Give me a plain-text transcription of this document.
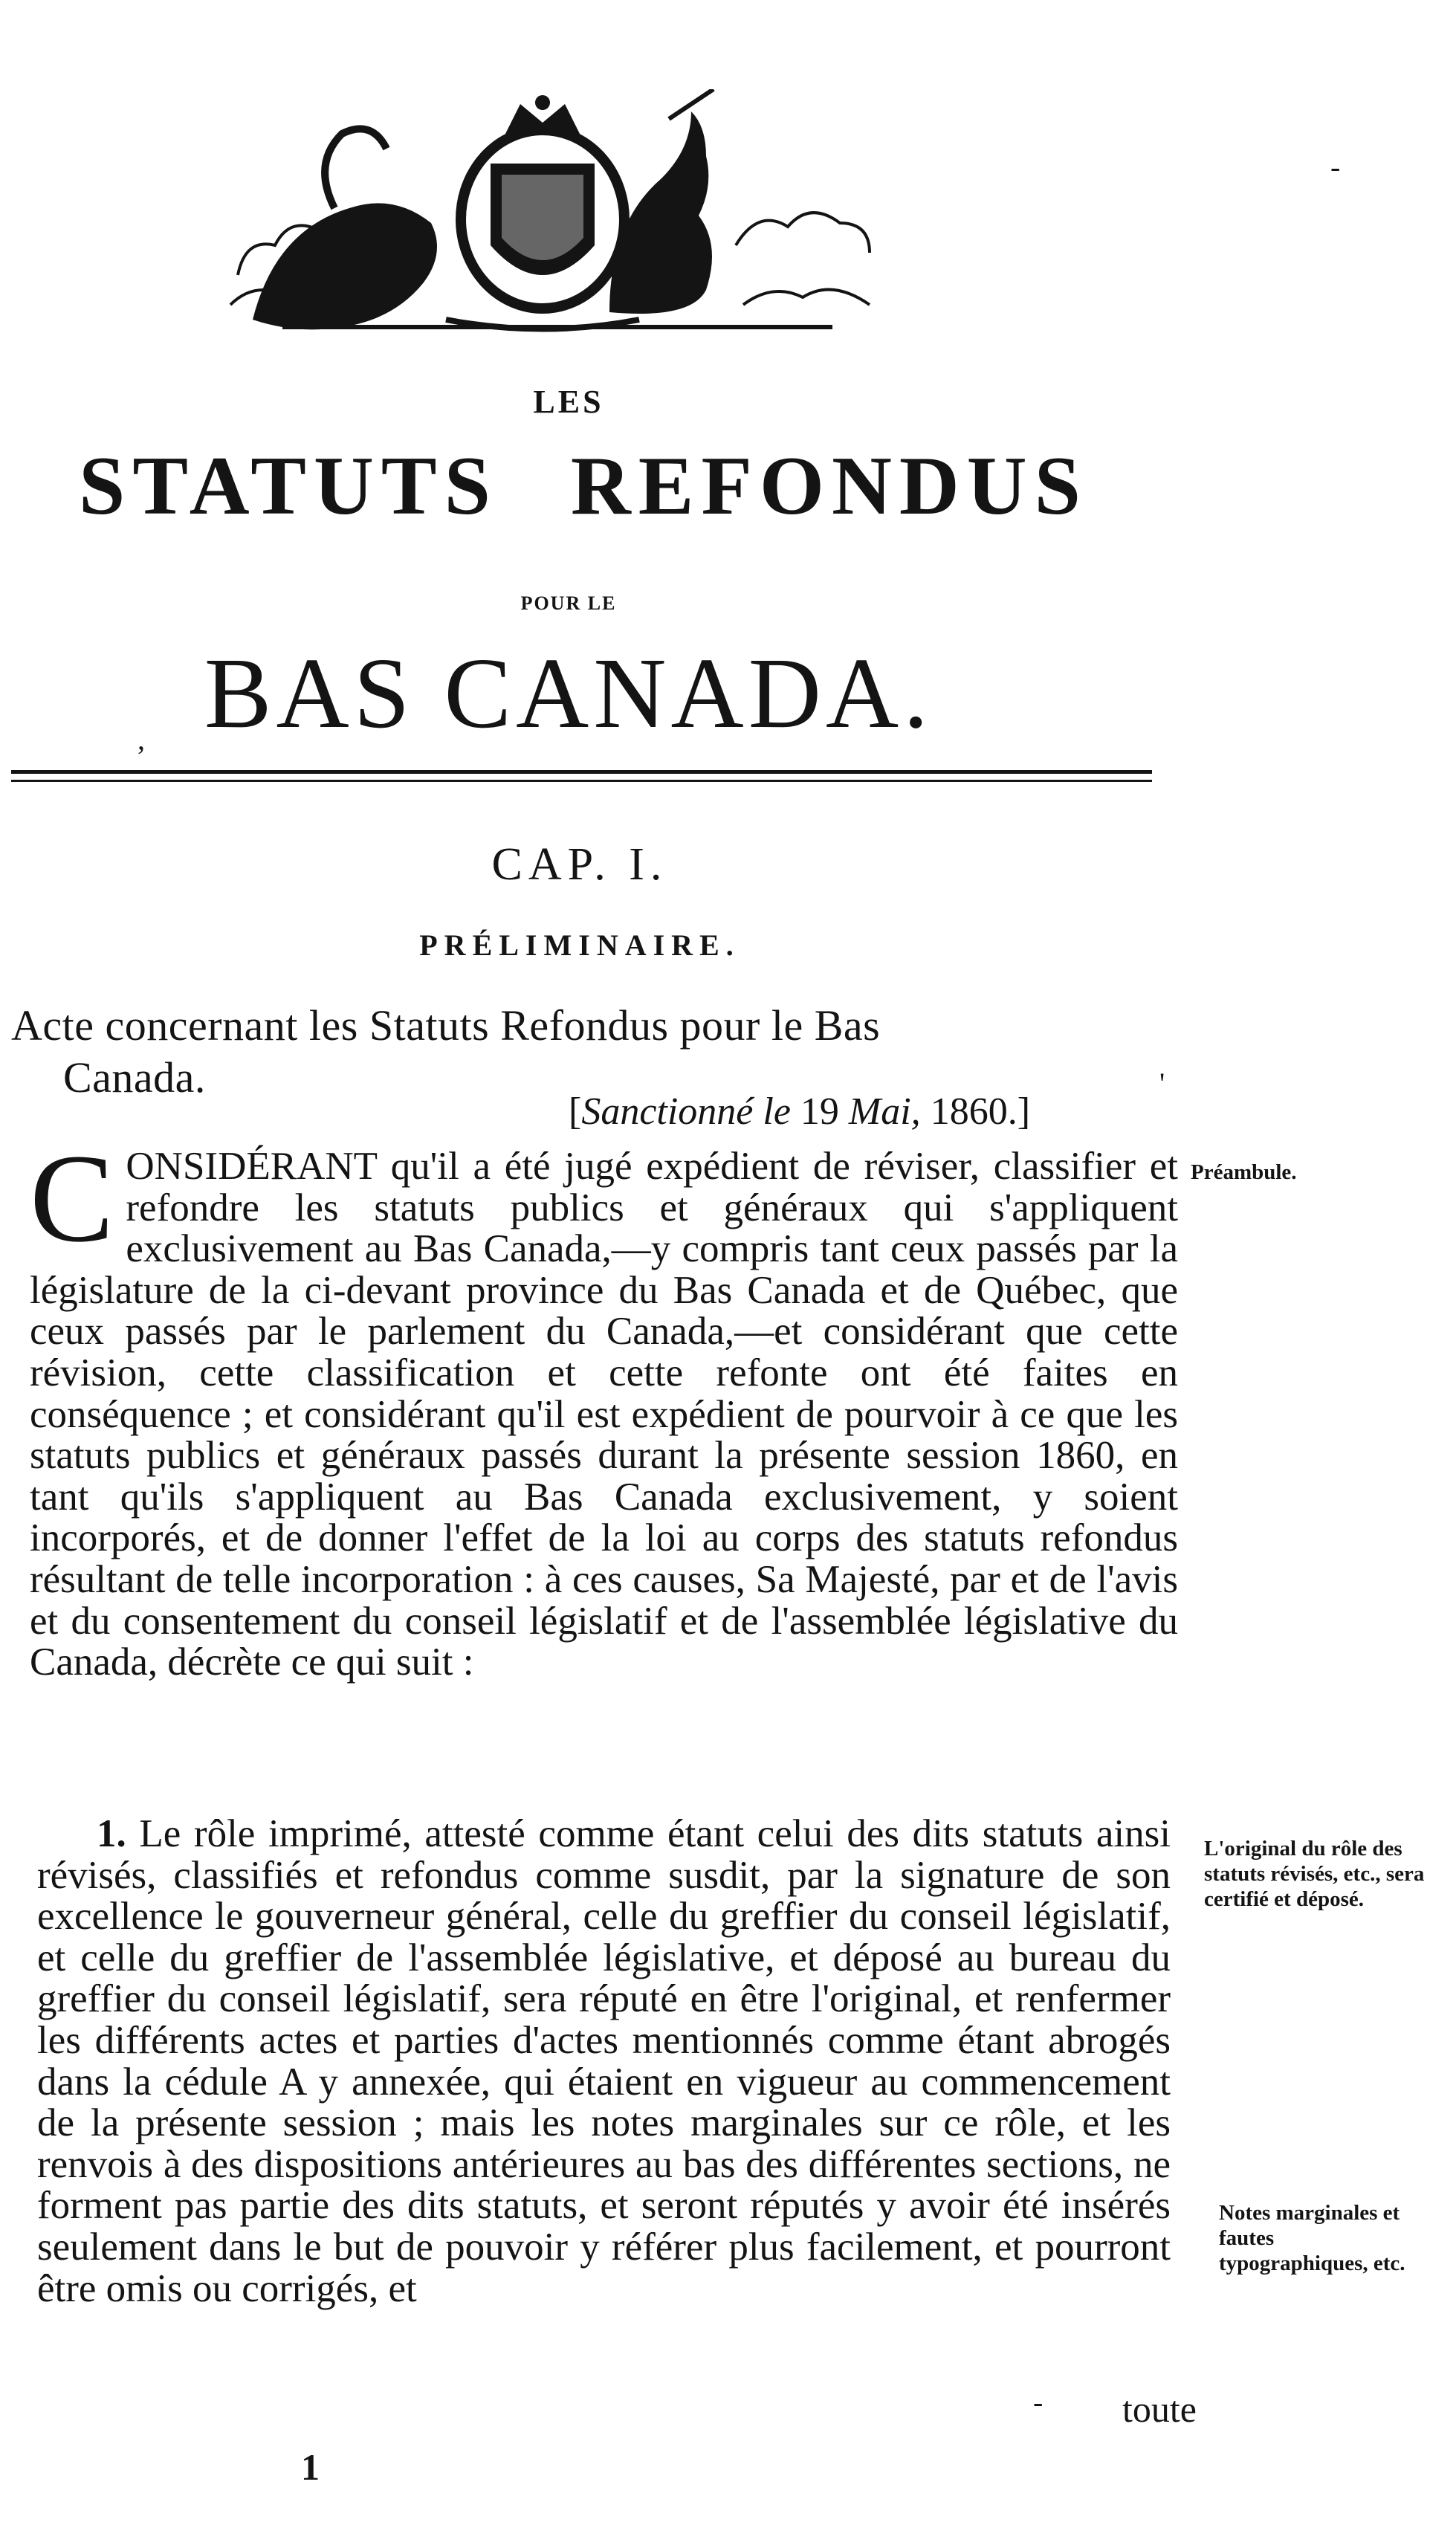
-
,
LES
STATUTS REFONDUS
POUR LE
BAS CANADA.
CAP. I.
PRÉLIMINAIRE.
Acte concernant les Statuts Refondus pour le Bas
Canada.
[Sanctionné le 19 Mai, 1860.]
CONSIDÉRANT qu'il a été jugé expédient de réviser, classifier et refondre les statuts publics et généraux qui s'appliquent exclusivement au Bas Canada,—y compris tant ceux passés par la législature de la ci-devant province du Bas Canada et de Québec, que ceux passés par le parlement du Canada,—et considérant que cette révision, cette classification et cette refonte ont été faites en conséquence ; et considérant qu'il est expédient de pourvoir à ce que les statuts publics et généraux passés durant la présente session 1860, en tant qu'ils s'appliquent au Bas Canada exclusivement, y soient incorporés, et de donner l'effet de la loi au corps des statuts refondus résultant de telle incorporation : à ces causes, Sa Majesté, par et de l'avis et du consentement du conseil législatif et de l'assemblée législative du Canada, décrète ce qui suit :
1. Le rôle imprimé, attesté comme étant celui des dits statuts ainsi révisés, classifiés et refondus comme susdit, par la signature de son excellence le gouverneur général, celle du greffier du conseil législatif, et celle du greffier de l'assemblée législative, et déposé au bureau du greffier du conseil législatif, sera réputé en être l'original, et renfermer les différents actes et parties d'actes mentionnés comme étant abrogés dans la cédule A y annexée, qui étaient en vigueur au commencement de la présente session ; mais les notes marginales sur ce rôle, et les renvois à des dispositions antérieures au bas des différentes sections, ne forment pas partie des dits statuts, et seront réputés y avoir été insérés seulement dans le but de pouvoir y référer plus facilement, et pourront être omis ou corrigés, et
toute
Préambule.
L'original du rôle des statuts révisés, etc., sera certifié et déposé.
Notes marginales et fautes typographiques, etc.
'
-
1
